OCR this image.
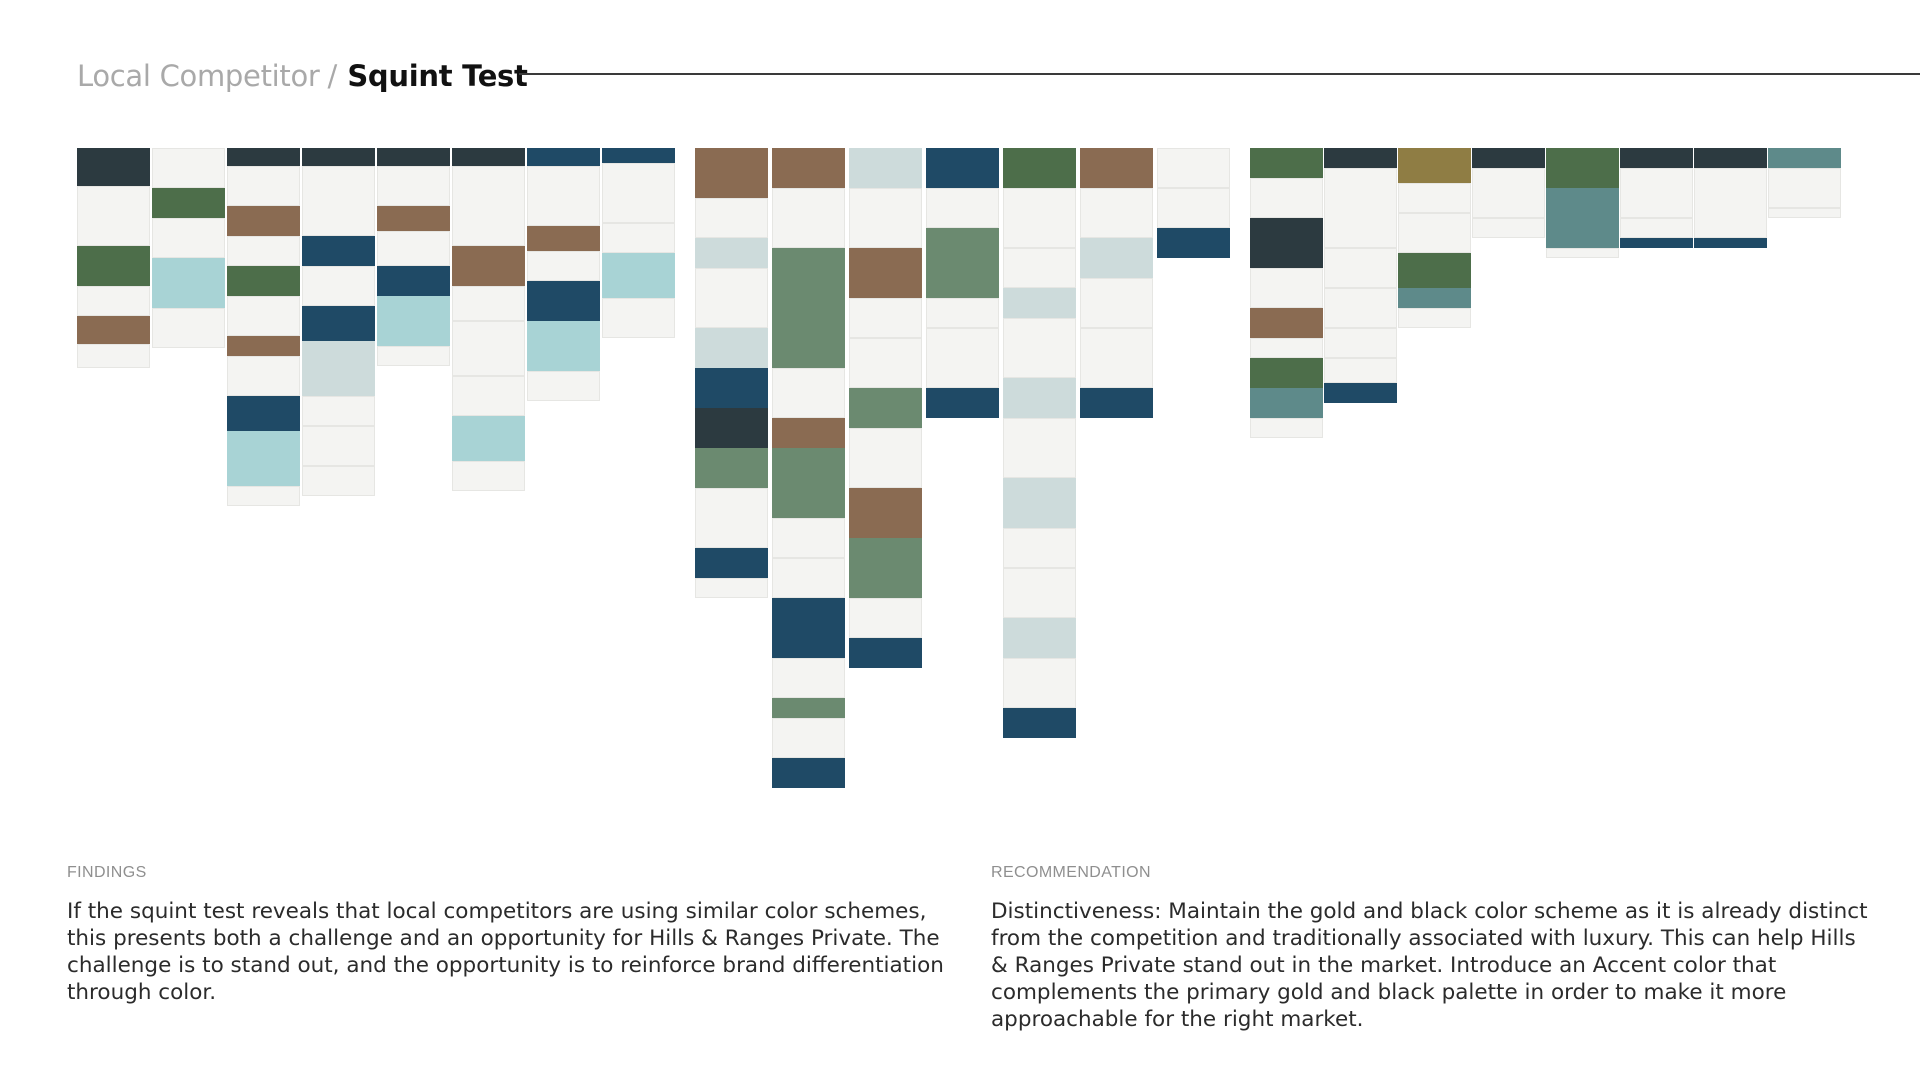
Local Competitor / Squint Test
FINDINGS
If the squint test reveals that local competitors are using similar color schemes, this presents both a challenge and an opportunity for Hills & Ranges Private. The challenge is to stand out, and the opportunity is to reinforce brand differentiation through color.
RECOMMENDATION
Distinctiveness: Maintain the gold and black color scheme as it is already distinct from the competition and traditionally associated with luxury. This can help Hills & Ranges Private stand out in the market. Introduce an Accent color that complements the primary gold and black palette in order to make it more approachable for the right market.
